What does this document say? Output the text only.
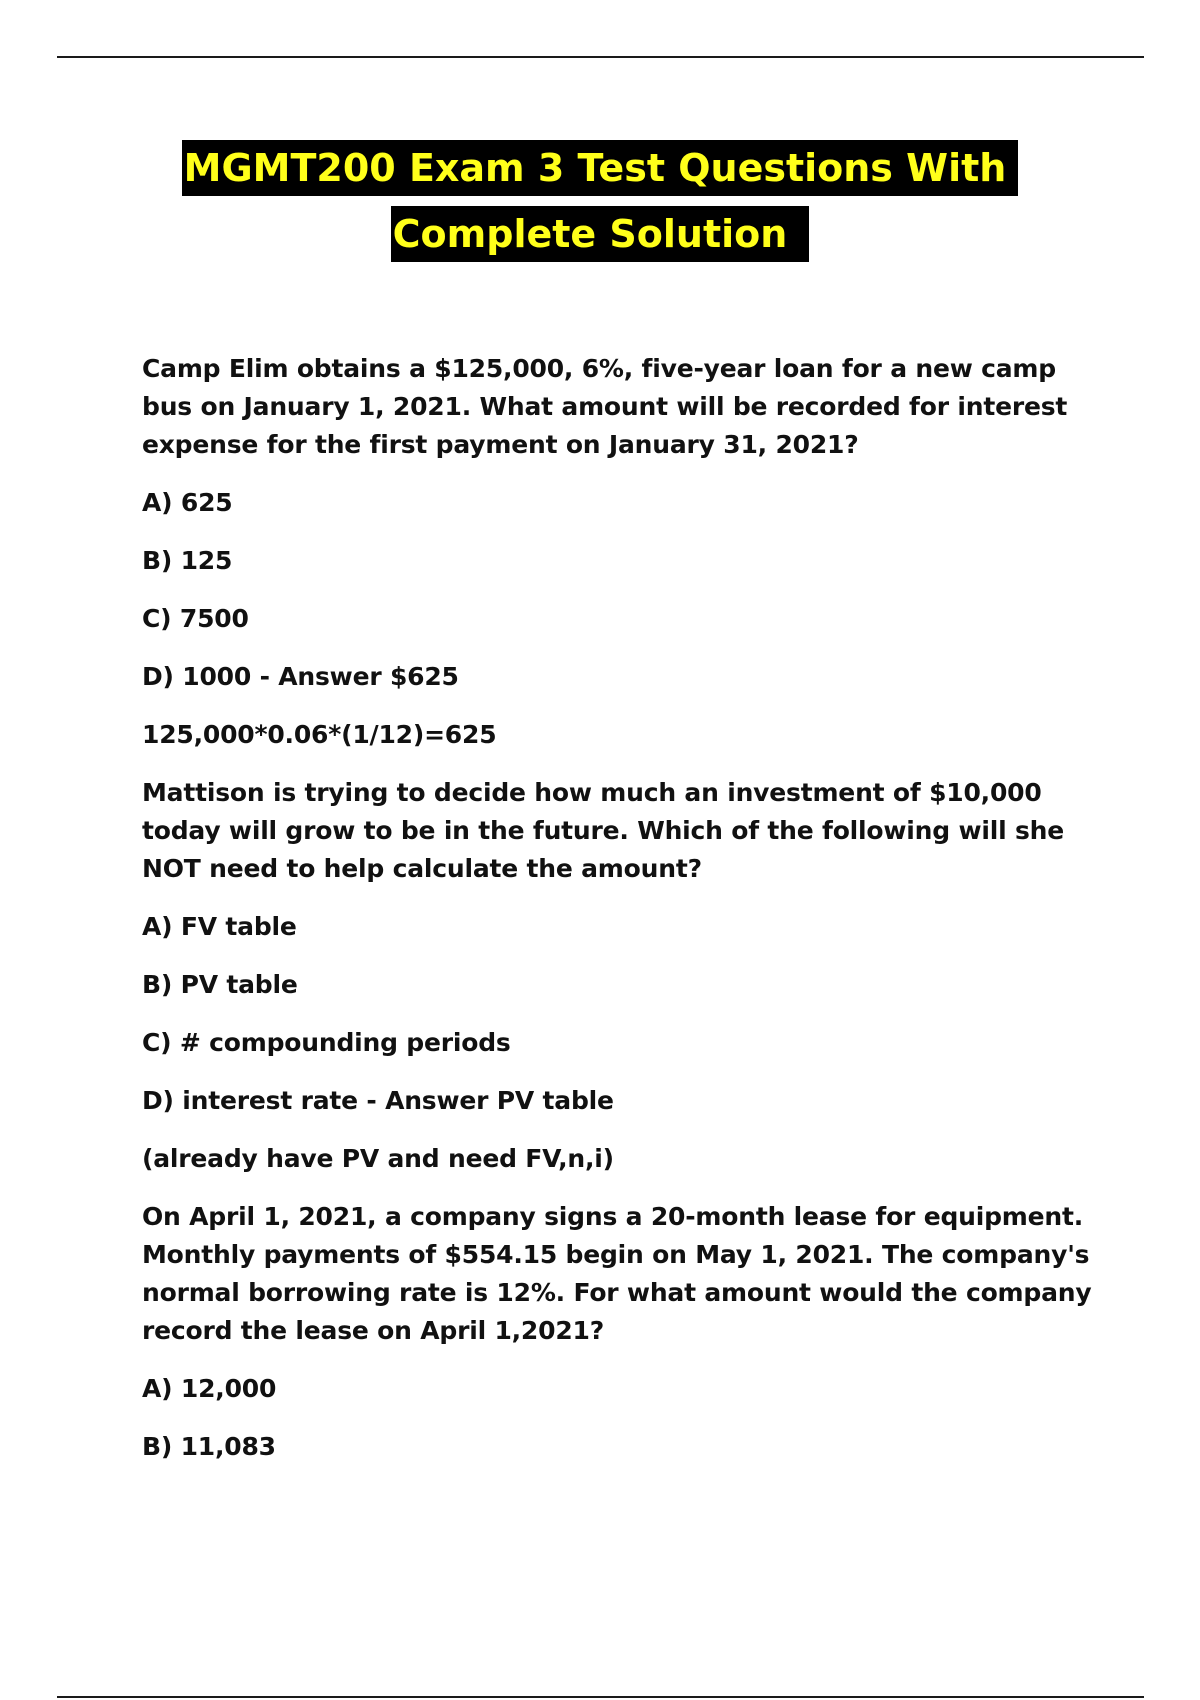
MGMT200 Exam 3 Test Questions With
Complete Solution

Camp Elim obtains a $125,000, 6%, five-year loan for a new camp bus on January 1, 2021. What amount will be recorded for interest expense for the first payment on January 31, 2021?

A) 625

B) 125

C) 7500

D) 1000 - Answer $625

125,000*0.06*(1/12)=625

Mattison is trying to decide how much an investment of $10,000 today will grow to be in the future. Which of the following will she NOT need to help calculate the amount?

A) FV table

B) PV table

C) # compounding periods

D) interest rate - Answer PV table

(already have PV and need FV,n,i)

On April 1, 2021, a company signs a 20-month lease for equipment. Monthly payments of $554.15 begin on May 1, 2021. The company's normal borrowing rate is 12%. For what amount would the company record the lease on April 1,2021?

A) 12,000

B) 11,083
